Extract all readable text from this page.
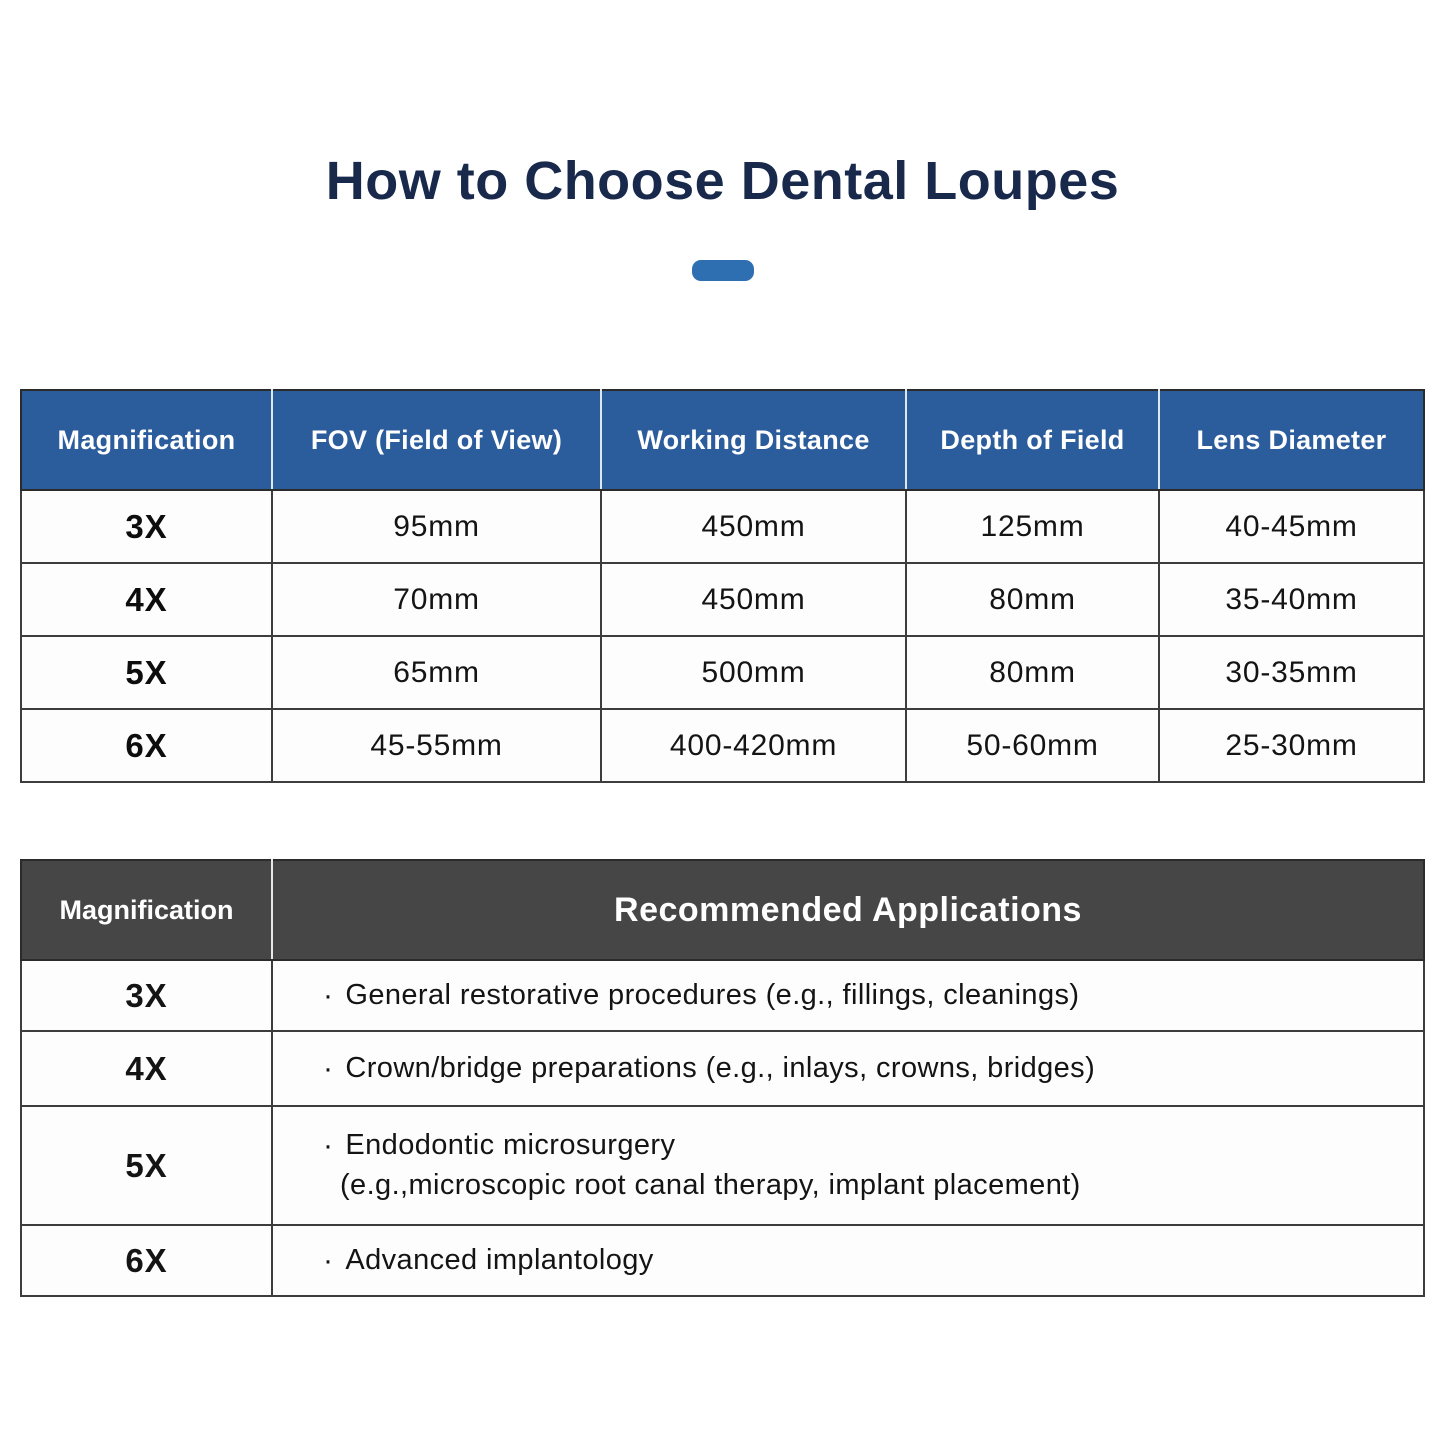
How to Choose Dental Loupes
Magnification	FOV (Field of View)	Working Distance	Depth of Field	Lens Diameter
3X	95mm	450mm	125mm	40-45mm
4X	70mm	450mm	80mm	35-40mm
5X	65mm	500mm	80mm	30-35mm
6X	45-55mm	400-420mm	50-60mm	25-30mm
Magnification	Recommended Applications
3X	· General restorative procedures (e.g., fillings, cleanings)

4X	· Crown/bridge preparations (e.g., inlays, crowns, bridges)

5X	· Endodontic microsurgery
(e.g.,microscopic root canal therapy, implant placement)

6X	· Advanced implantology
